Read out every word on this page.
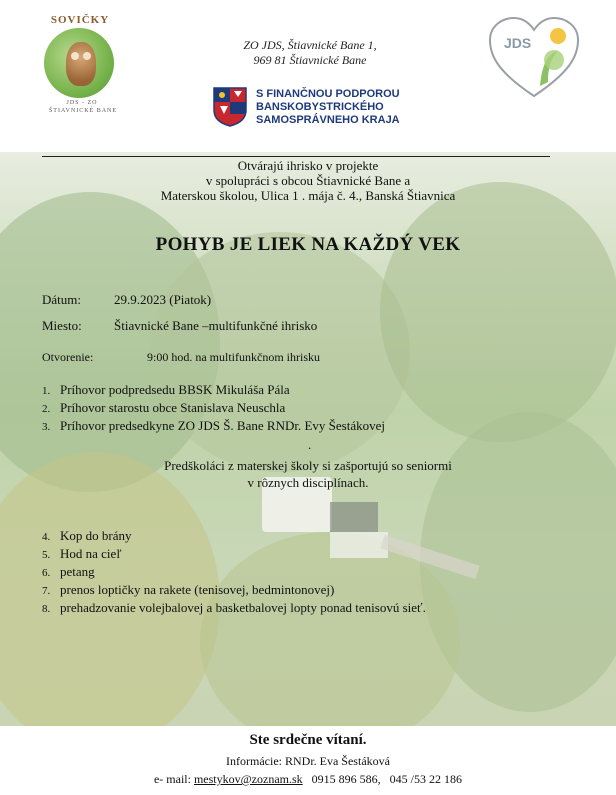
SOVIČKY
JDS - ZO
ŠTIAVNICKÉ BANE
ZO JDS, Štiavnické Bane 1,
969 81 Štiavnické Bane
S FINANČNOU PODPOROU
BANSKOBYSTRICKÉHO
SAMOSPRÁVNEHO KRAJA
JDS
Otvárajú ihrisko v projekte
v spolupráci s obcou Štiavnické Bane a
Materskou školou, Ulica 1 . mája č. 4., Banská Štiavnica
POHYB JE LIEK NA KAŽDÝ VEK
Dátum:	29.9.2023 (Piatok)
Miesto: Štiavnické Bane –multifunkčné ihrisko
Otvorenie:	9:00 hod. na multifunkčnom ihrisku
1. Príhovor podpredsedu BBSK Mikuláša Pála
2. Príhovor starostu obce Stanislava Neuschla
3. Príhovor predsedkyne ZO JDS Š. Bane RNDr. Evy Šestákovej
.
Predškoláci z materskej školy si zašportujú so seniormi
v rôznych disciplínach.
4. Kop do brány
5. Hod na cieľ
6. petang
7. prenos loptičky na rakete (tenisovej, bedmintonovej)
8. prehadzovanie volejbalovej a basketbalovej lopty ponad tenisovú sieť.
Ste srdečne vítaní.
Informácie: RNDr. Eva Šestáková
e- mail: mestykov@zoznam.sk   0915 896 586,   045 /53 22 186
